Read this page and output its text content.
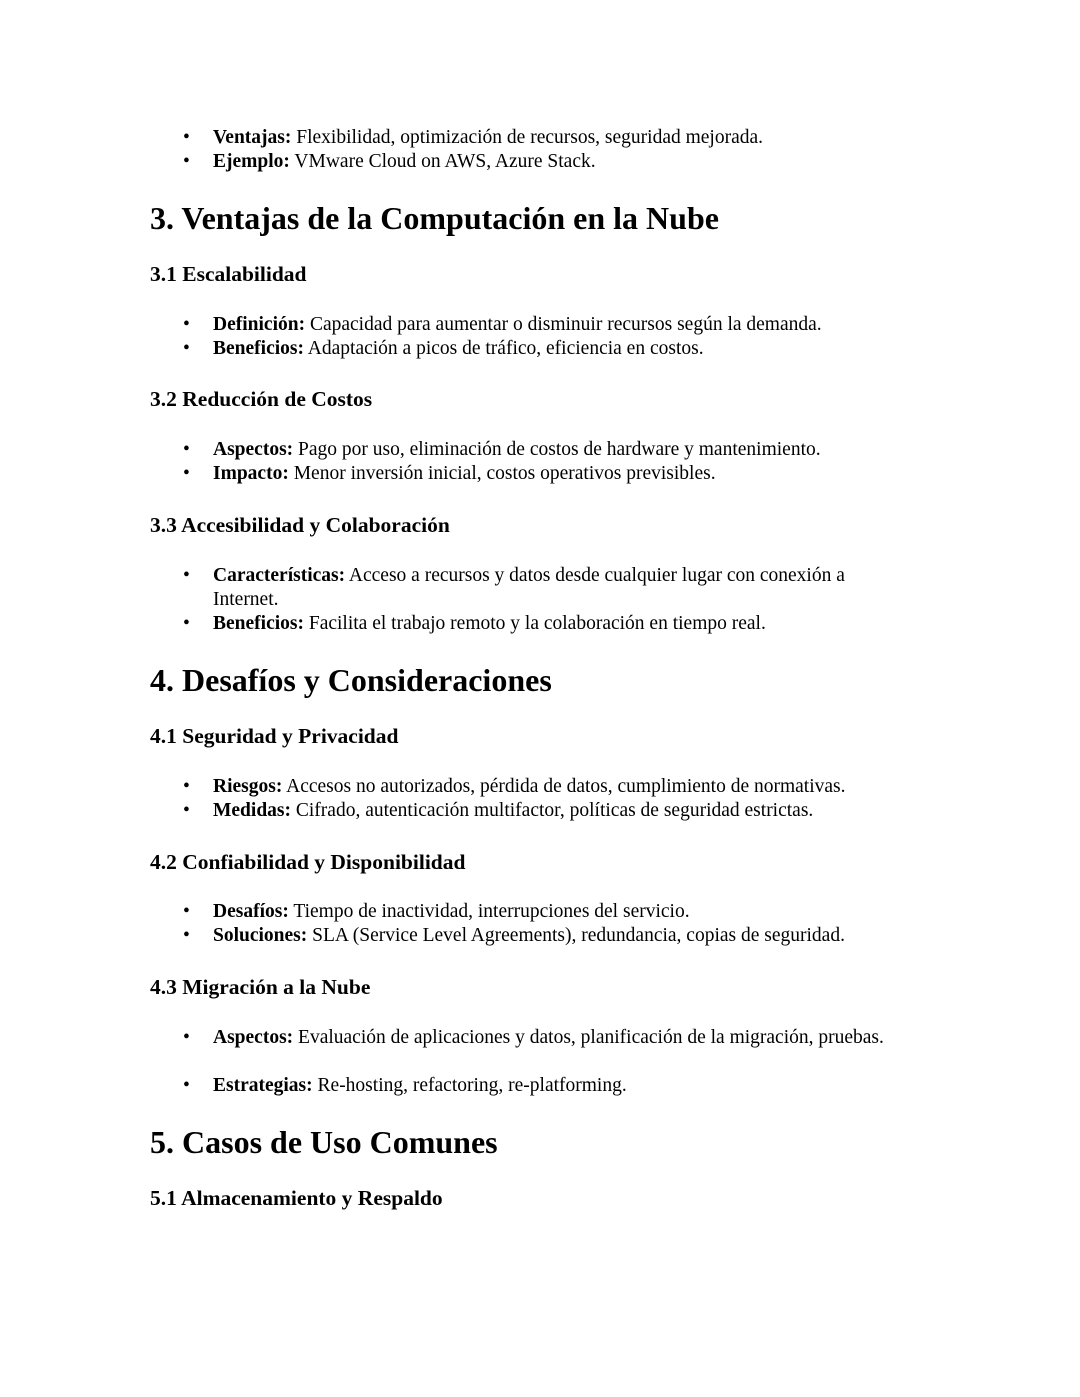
• Ventajas: Flexibilidad, optimización de recursos, seguridad mejorada.
• Ejemplo: VMware Cloud on AWS, Azure Stack.
3. Ventajas de la Computación en la Nube
3.1 Escalabilidad
• Definición: Capacidad para aumentar o disminuir recursos según la demanda.
• Beneficios: Adaptación a picos de tráfico, eficiencia en costos.
3.2 Reducción de Costos
• Aspectos: Pago por uso, eliminación de costos de hardware y mantenimiento.
• Impacto: Menor inversión inicial, costos operativos previsibles.
3.3 Accesibilidad y Colaboración
• Características: Acceso a recursos y datos desde cualquier lugar con conexión a Internet.
• Beneficios: Facilita el trabajo remoto y la colaboración en tiempo real.
4. Desafíos y Consideraciones
4.1 Seguridad y Privacidad
• Riesgos: Accesos no autorizados, pérdida de datos, cumplimiento de normativas.
• Medidas: Cifrado, autenticación multifactor, políticas de seguridad estrictas.
4.2 Confiabilidad y Disponibilidad
• Desafíos: Tiempo de inactividad, interrupciones del servicio.
• Soluciones: SLA (Service Level Agreements), redundancia, copias de seguridad.
4.3 Migración a la Nube
• Aspectos: Evaluación de aplicaciones y datos, planificación de la migración, pruebas.
• Estrategias: Re-hosting, refactoring, re-platforming.
5. Casos de Uso Comunes
5.1 Almacenamiento y Respaldo
